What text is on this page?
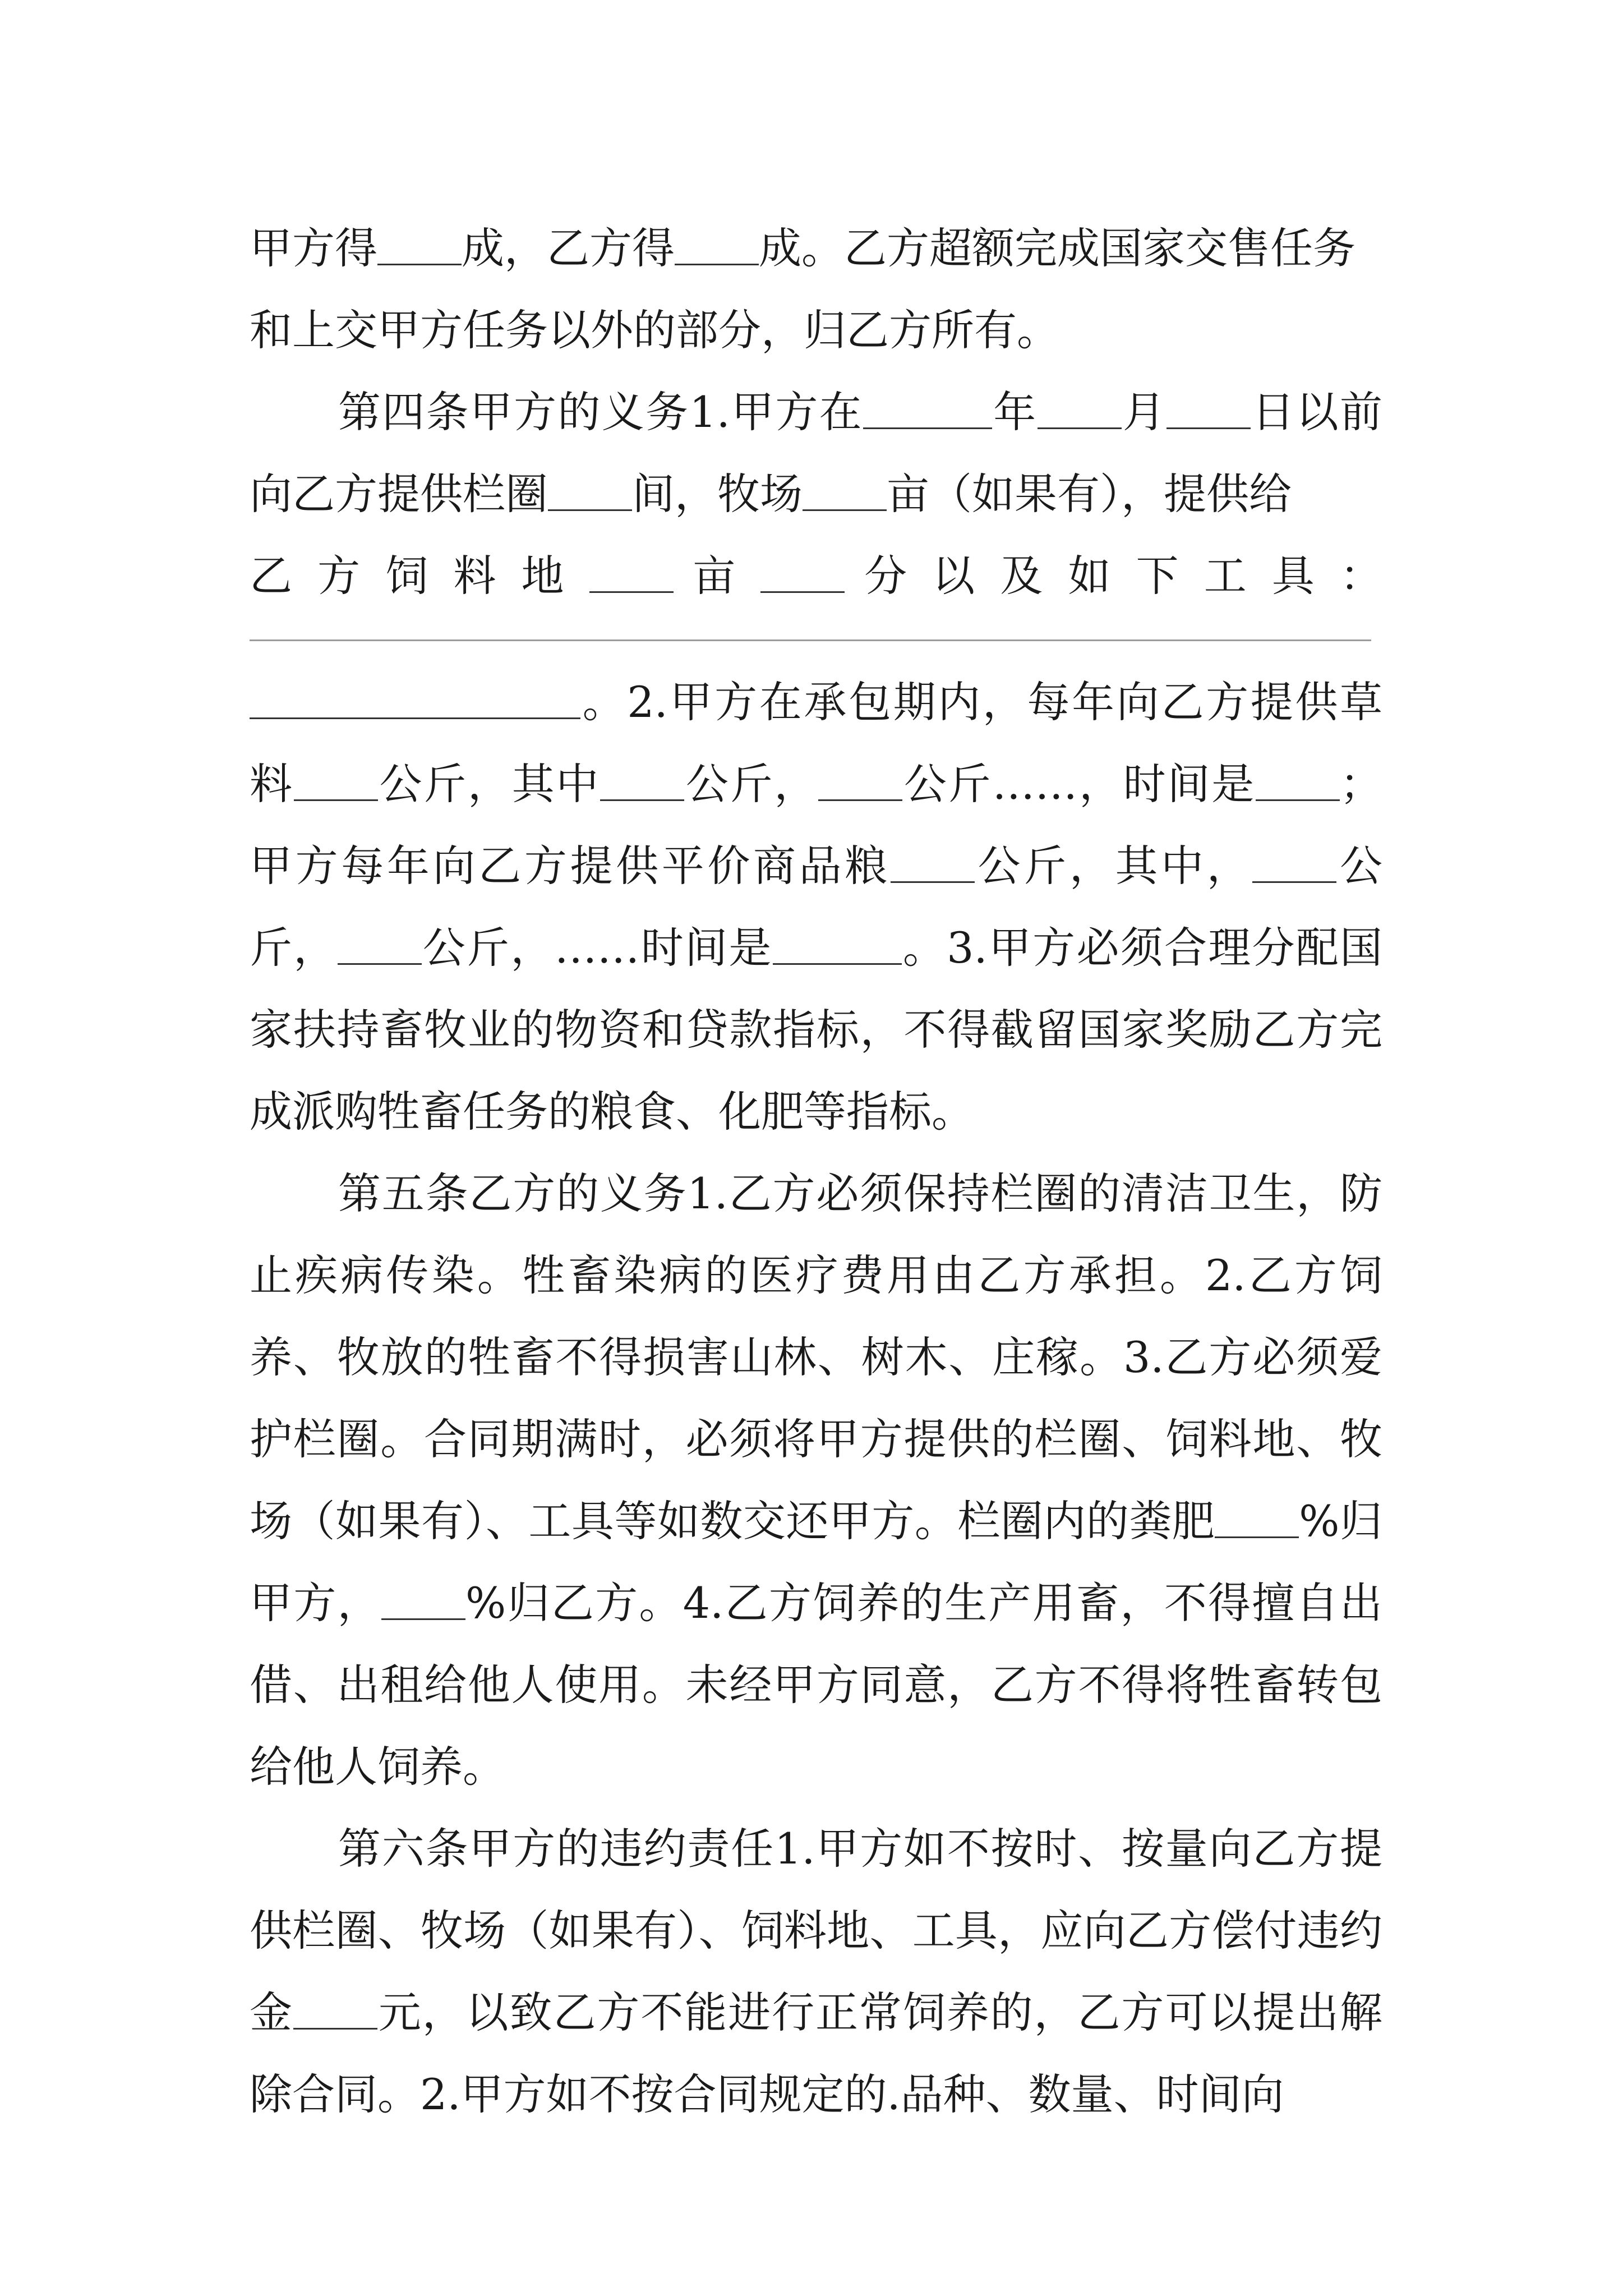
甲方得 成，乙方得 成。乙方超额完成国家交售任务
和上交甲方任务以外的部分，归乙方所有。

第四条甲方的义务1.甲方在	年 月 日以前向乙方提供栏圈 间，牧场 亩（如果有），提供给

乙 方 饲 料 地	亩	分 以 及 如 下 工 具 ：

。2.甲方在承包期内，每年向乙方提供草料 公斤，其中 公斤， 公斤……，时间是 ；甲方每年向乙方提供平价商品粮 公斤，其中， 公斤， 公斤，……时间是	。3.甲方必须合理分配国家扶持畜牧业的物资和贷款指标，不得截留国家奖励乙方完成派购牲畜任务的粮食、化肥等指标。

第五条乙方的义务1.乙方必须保持栏圈的清洁卫生，防止疾病传染。牲畜染病的医疗费用由乙方承担。2.乙方饲养、牧放的牲畜不得损害山林、树木、庄稼。3.乙方必须爱护栏圈。合同期满时，必须将甲方提供的栏圈、饲料地、牧场（如果有）、工具等如数交还甲方。栏圈内的粪肥 %归甲方， %归乙方。4.乙方饲养的生产用畜，不得擅自出借、出租给他人使用。未经甲方同意，乙方不得将牲畜转包给他人饲养。

第六条甲方的违约责任1.甲方如不按时、按量向乙方提供栏圈、牧场（如果有）、饲料地、工具，应向乙方偿付违约金 元，以致乙方不能进行正常饲养的，乙方可以提出解除合同。2.甲方如不按合同规定的.品种、数量、时间向
